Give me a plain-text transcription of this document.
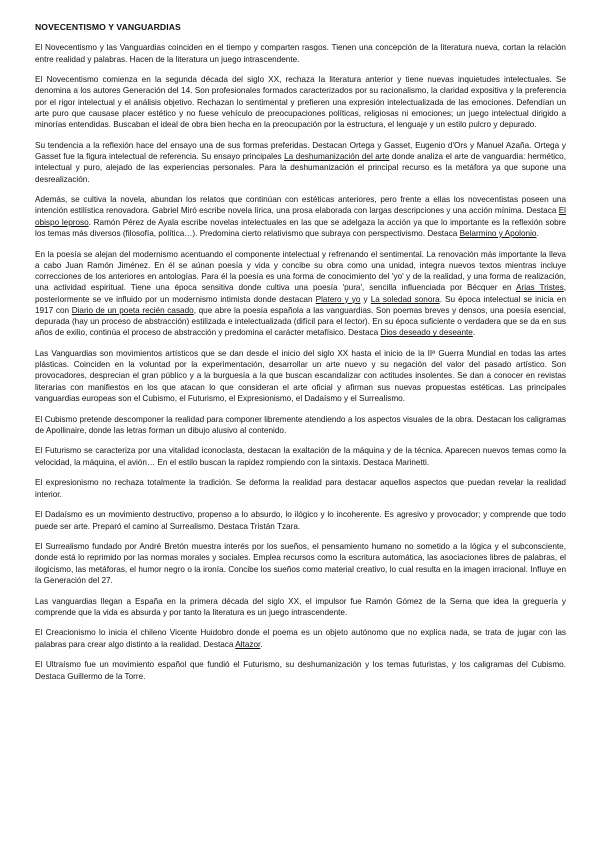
NOVECENTISMO Y VANGUARDIAS

El Novecentismo y las Vanguardias coinciden en el tiempo y comparten rasgos. Tienen una concepción de la literatura nueva, cortan la relación entre realidad y palabras. Hacen de la literatura un juego intrascendente.

El Novecentismo comienza en la segunda década del siglo XX, rechaza la literatura anterior y tiene nuevas inquietudes intelectuales. Se denomina a los autores Generación del 14. Son profesionales formados caracterizados por su racionalismo, la claridad expositiva y la preferencia por el rigor intelectual y el análisis objetivo. Rechazan lo sentimental y prefieren una expresión intelectualizada de las emociones. Defendían un arte puro que causase placer estético y no fuese vehículo de preocupaciones políticas, religiosas ni emociones; un juego intelectual dirigido a minorías entendidas. Buscaban el ideal de obra bien hecha en la preocupación por la estructura, el lenguaje y un estilo pulcro y depurado.

Su tendencia a la reflexión hace del ensayo una de sus formas preferidas. Destacan Ortega y Gasset, Eugenio d'Ors y Manuel Azaña. Ortega y Gasset fue la figura intelectual de referencia. Su ensayo principales La deshumanización del arte donde analiza el arte de vanguardia: hermético, intelectual y puro, alejado de las experiencias personales. Para la deshumanización el principal recurso es la metáfora ya que supone una desrealización.

Además, se cultiva la novela, abundan los relatos que continúan con estéticas anteriores, pero frente a ellas los novecentistas poseen una intención estilística renovadora. Gabriel Miró escribe novela lírica, una prosa elaborada con largas descripciones y una acción mínima. Destaca El obispo leproso. Ramón Pérez de Ayala escribe novelas intelectuales en las que se adelgaza la acción ya que lo importante es la reflexión sobre los temas más diversos (filosofía, política…). Predomina cierto relativismo que subraya con perspectivismo. Destaca Belarmino y Apolonio.

En la poesía se alejan del modernismo acentuando el componente intelectual y refrenando el sentimental. La renovación más importante la lleva a cabo Juan Ramón Jiménez. En él se aúnan poesía y vida y concibe su obra como una unidad, integra nuevos textos mientras incluye correcciones de los anteriores en antologías. Para él la poesía es una forma de conocimiento del 'yo' y de la realidad, y una forma de realización, una actividad espiritual. Tiene una época sensitiva donde cultiva una poesía 'pura', sencilla influenciada por Bécquer en Arias Tristes, posteriormente se ve influido por un modernismo intimista donde destacan Platero y yo y La soledad sonora. Su época intelectual se inicia en 1917 con Diario de un poeta recién casado, que abre la poesía española a las vanguardias. Son poemas breves y densos, una poesía esencial, depurada (hay un proceso de abstracción) estilizada e intelectualizada (difícil para el lector). En su época suficiente o verdadera que se da en sus años de exilio, continúa el proceso de abstracción y predomina el carácter metafísico. Destaca Dios deseado y deseante.

Las Vanguardias son movimientos artísticos que se dan desde el inicio del siglo XX hasta el inicio de la IIª Guerra Mundial en todas las artes plásticas. Coinciden en la voluntad por la experimentación, desarrollar un arte nuevo y su negación del valor del pasado artístico. Son provocadores, desprecian el gran público y a la burguesía a la que buscan escandalizar con actitudes insolentes. Se dan a conocer en revistas literarias con manifiestos en los que atacan lo que consideran el arte oficial y afirman sus nuevas propuestas estéticas. Las principales vanguardias europeas son el Cubismo, el Futurismo, el Expresionismo, el Dadaísmo y el Surrealismo.

El Cubismo pretende descomponer la realidad para componer libremente atendiendo a los aspectos visuales de la obra. Destacan los caligramas de Apollinaire, donde las letras forman un dibujo alusivo al contenido.

El Futurismo se caracteriza por una vitalidad iconoclasta, destacan la exaltación de la máquina y de la técnica. Aparecen nuevos temas como la velocidad, la máquina, el avión… En el estilo buscan la rapidez rompiendo con la sintaxis. Destaca Marinetti.

El expresionismo no rechaza totalmente la tradición. Se deforma la realidad para destacar aquellos aspectos que puedan revelar la realidad interior.

El Dadaísmo es un movimiento destructivo, propenso a lo absurdo, lo ilógico y lo incoherente. Es agresivo y provocador; y comprende que todo puede ser arte. Preparó el camino al Surrealismo. Destaca Tristán Tzara.

El Surrealismo fundado por André Bretón muestra interés por los sueños, el pensamiento humano no sometido a la lógica y el subconsciente, donde está lo reprimido por las normas morales y sociales. Emplea recursos como la escritura automática, las asociaciones libres de palabras, el ilogicismo, las metáforas, el humor negro o la ironía. Concibe los sueños como material creativo, lo cual resulta en la imagen irracional. Influye en la Generación del 27.

Las vanguardias llegan a España en la primera década del siglo XX, el impulsor fue Ramón Gómez de la Serna que idea la greguería y comprende que la vida es absurda y por tanto la literatura es un juego intrascendente.

El Creacionismo lo inicia el chileno Vicente Huidobro donde el poema es un objeto autónomo que no explica nada, se trata de jugar con las palabras para crear algo distinto a la realidad. Destaca Altazor.

El Ultraísmo fue un movimiento español que fundió el Futurismo, su deshumanización y los temas futuristas, y los caligramas del Cubismo. Destaca Guillermo de la Torre.
